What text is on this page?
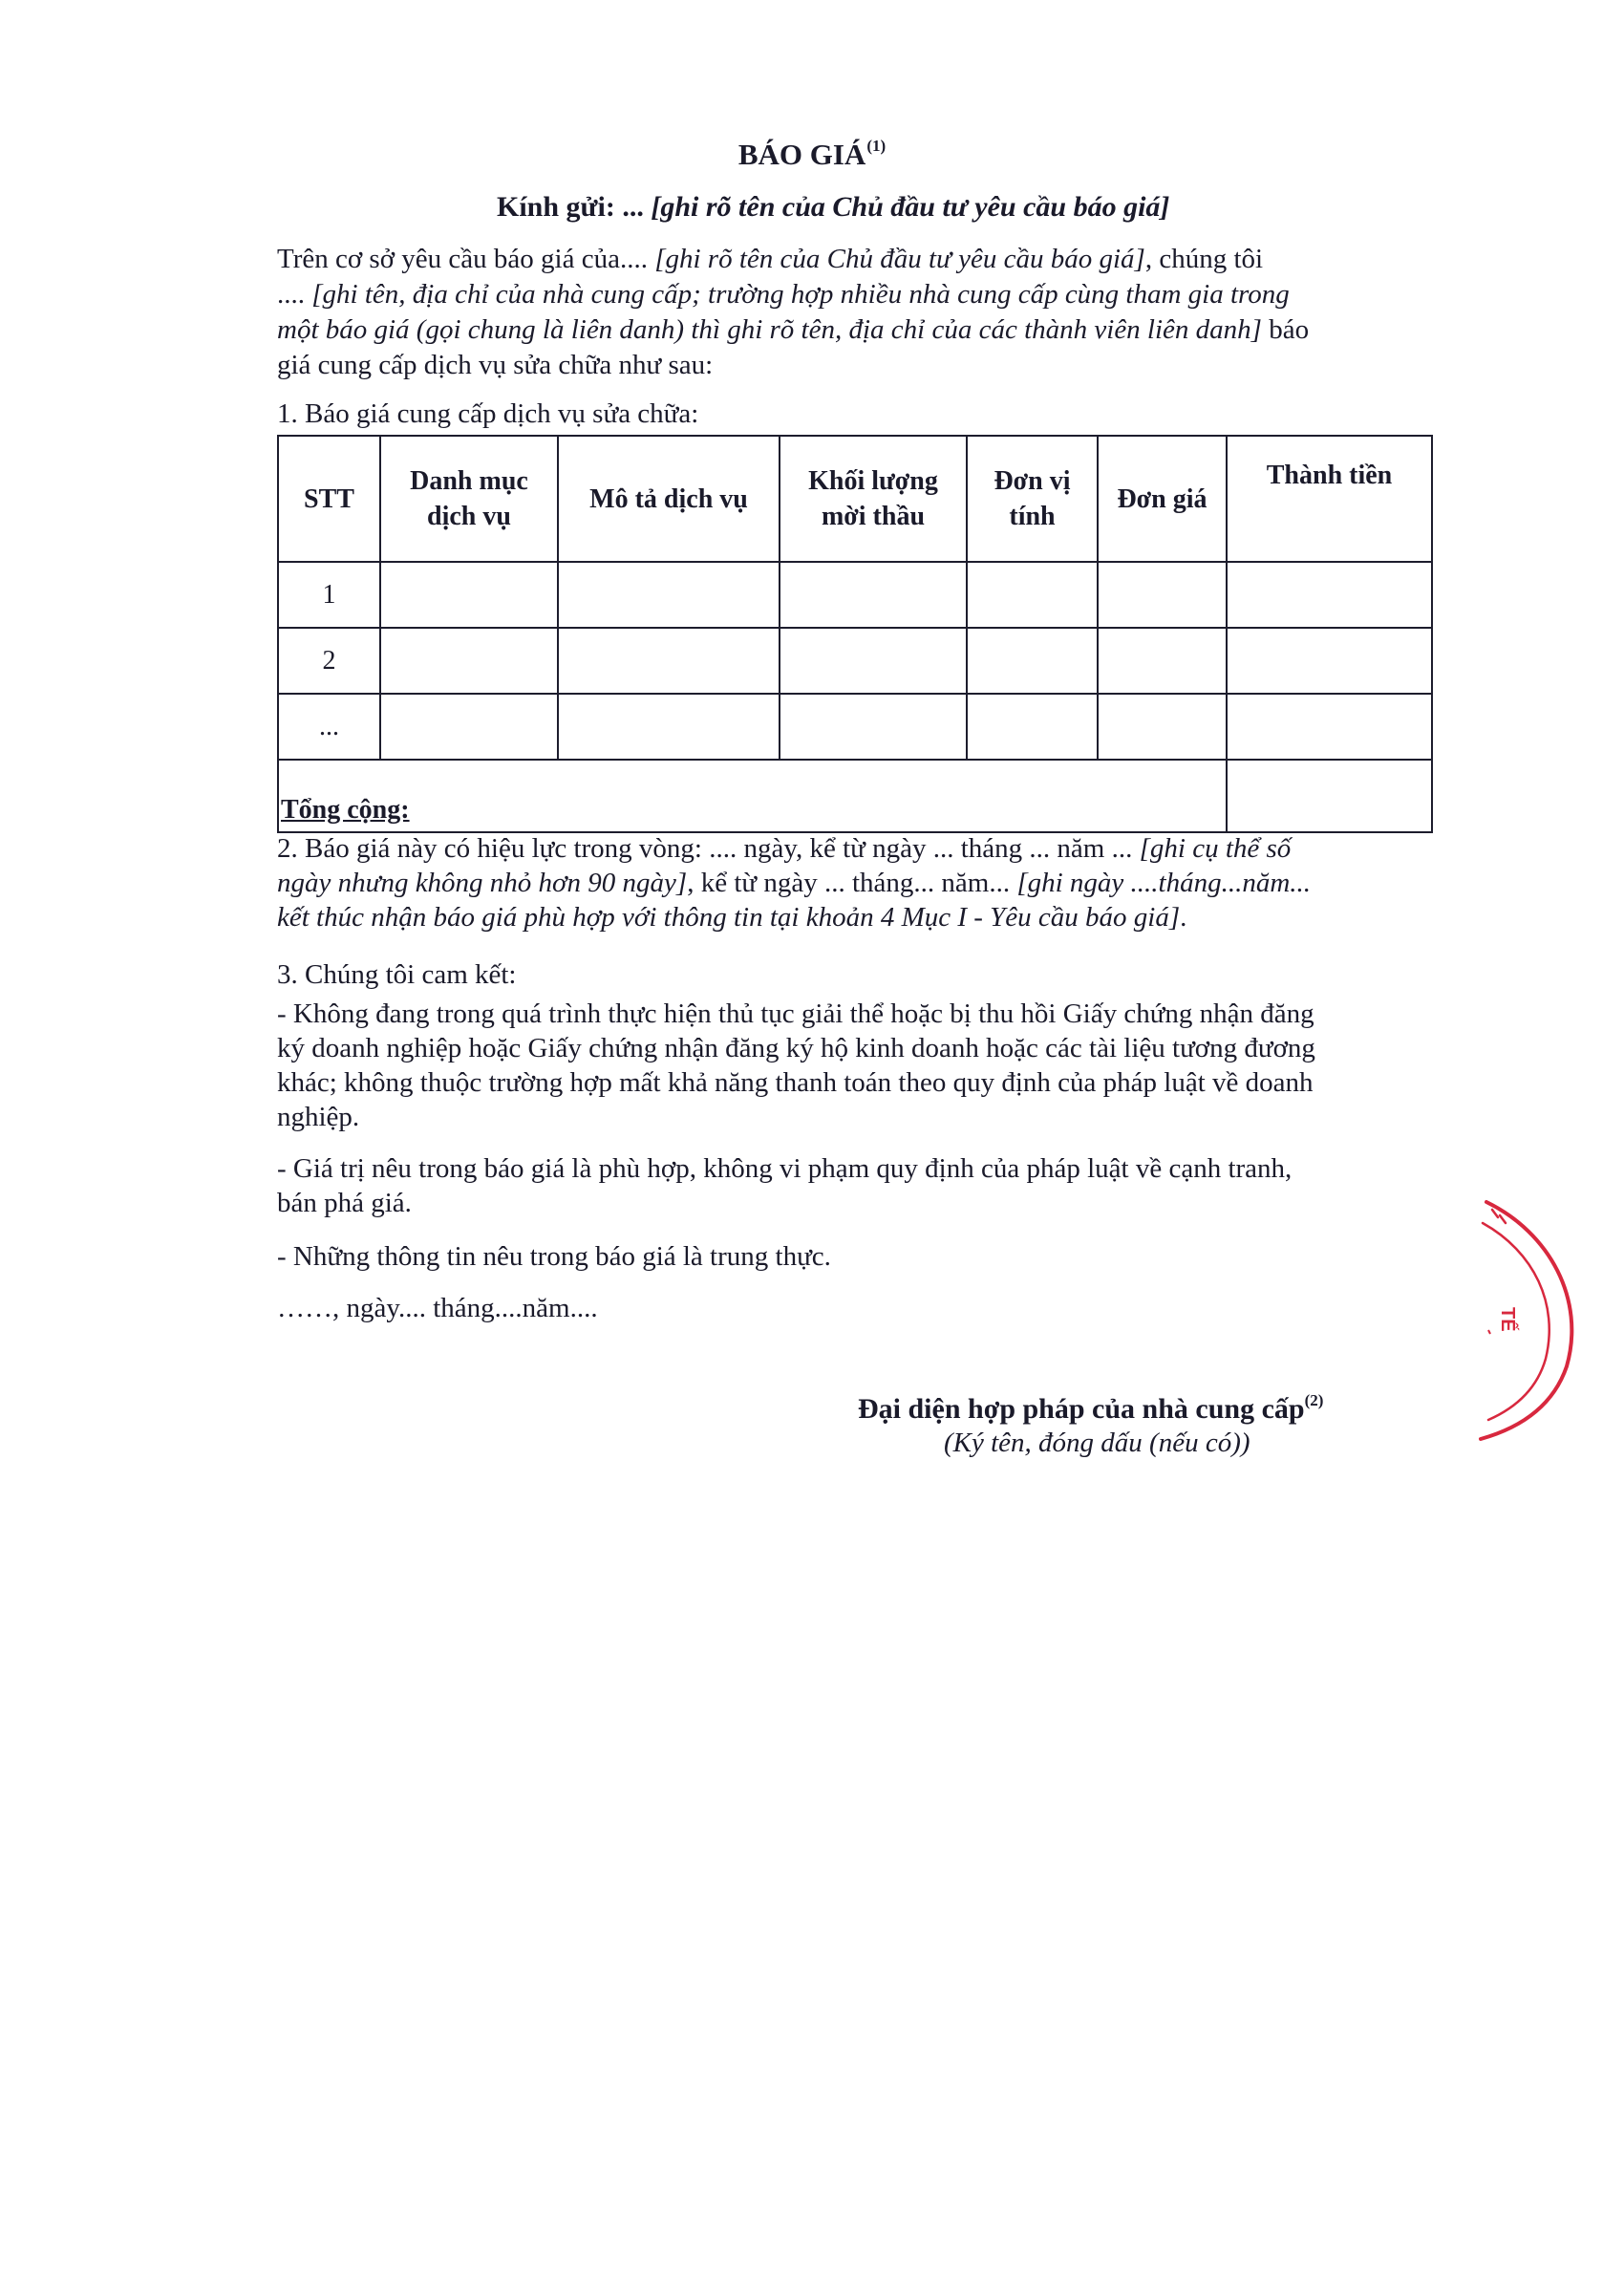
BÁO GIÁ$^{(1)}$
Kính gửi: ... [ghi rõ tên của Chủ đầu tư yêu cầu báo giá]
Trên cơ sở yêu cầu báo giá của.... [ghi rõ tên của Chủ đầu tư yêu cầu báo giá], chúng tôi
.... [ghi tên, địa chỉ của nhà cung cấp; trường hợp nhiều nhà cung cấp cùng tham gia trong
một báo giá (gọi chung là liên danh) thì ghi rõ tên, địa chỉ của các thành viên liên danh] báo
giá cung cấp dịch vụ sửa chữa như sau:
1. Báo giá cung cấp dịch vụ sửa chữa:
STT	Danh mục dịch vụ	Mô tả dịch vụ	Khối lượng mời thầu	Đơn vị tính	Đơn giá	Thành tiền
1						
2						
...						
Tổng cộng:						
2. Báo giá này có hiệu lực trong vòng: .... ngày, kể từ ngày ... tháng ... năm ... [ghi cụ thể số
ngày nhưng không nhỏ hơn 90 ngày], kể từ ngày ... tháng... năm... [ghi ngày ....tháng...năm...
kết thúc nhận báo giá phù hợp với thông tin tại khoản 4 Mục I - Yêu cầu báo giá].
3. Chúng tôi cam kết:
- Không đang trong quá trình thực hiện thủ tục giải thể hoặc bị thu hồi Giấy chứng nhận đăng
ký doanh nghiệp hoặc Giấy chứng nhận đăng ký hộ kinh doanh hoặc các tài liệu tương đương
khác; không thuộc trường hợp mất khả năng thanh toán theo quy định của pháp luật về doanh
nghiệp.
- Giá trị nêu trong báo giá là phù hợp, không vi phạm quy định của pháp luật về cạnh tranh,
bán phá giá.
- Những thông tin nêu trong báo giá là trung thực.
……, ngày.... tháng....năm....
Đại diện hợp pháp của nhà cung cấp$^{(2)}$
(Ký tên, đóng dấu (nếu có))
TẾ
